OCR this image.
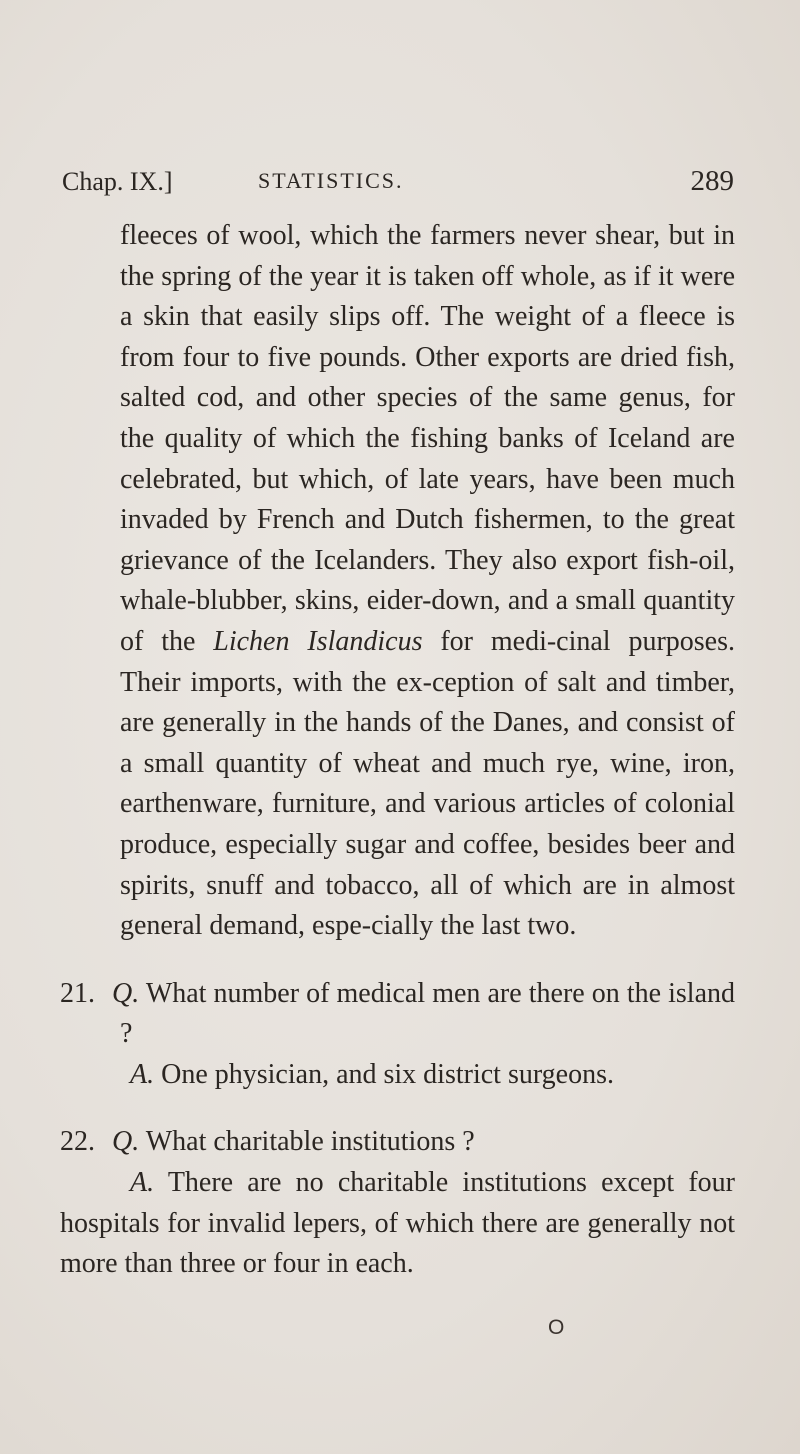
Chap. IX.]	STATISTICS.	289

fleeces of wool, which the farmers never shear, but in the spring of the year it is taken off whole, as if it were a skin that easily slips off. The weight of a fleece is from four to five pounds. Other exports are dried fish, salted cod, and other species of the same genus, for the quality of which the fishing banks of Iceland are celebrated, but which, of late years, have been much invaded by French and Dutch fishermen, to the great grievance of the Icelanders. They also export fish-oil, whale-blubber, skins, eider-down, and a small quantity of the Lichen Islandicus for medi-cinal purposes. Their imports, with the ex-ception of salt and timber, are generally in the hands of the Danes, and consist of a small quantity of wheat and much rye, wine, iron, earthenware, furniture, and various articles of colonial produce, especially sugar and coffee, besides beer and spirits, snuff and tobacco, all of which are in almost general demand, espe-cially the last two.

21. Q. What number of medical men are there on the island ?

A. One physician, and six district surgeons.

22. Q. What charitable institutions ?

A. There are no charitable institutions except four hospitals for invalid lepers, of which there are generally not more than three or four in each.

O
